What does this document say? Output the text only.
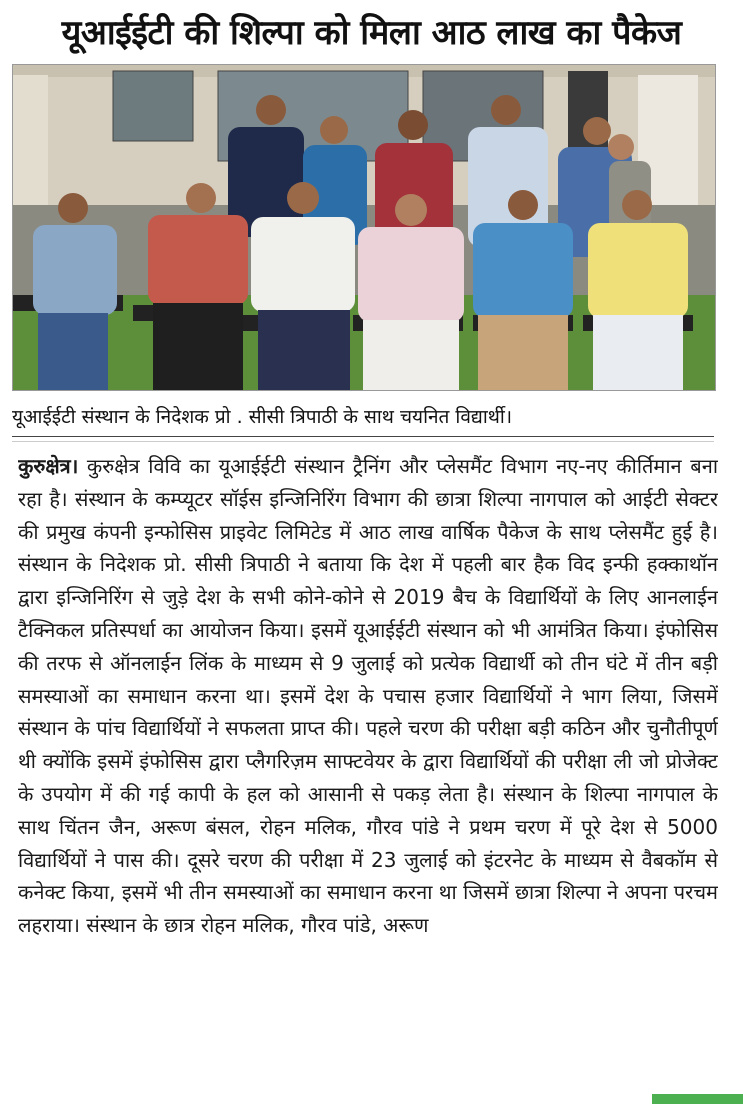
यूआईईटी की शिल्पा को मिला आठ लाख का पैकेज
यूआईईटी संस्थान के निदेशक प्रो . सीसी त्रिपाठी के साथ चयनित विद्यार्थी।

कुरुक्षेत्र। कुरुक्षेत्र विवि का यूआईईटी संस्थान ट्रैनिंग और प्लेसमैंट विभाग नए-नए कीर्तिमान बना रहा है। संस्थान के कम्प्यूटर सॉईस इन्जिनिरिंग विभाग की छात्रा शिल्पा नागपाल को आईटी सेक्टर की प्रमुख कंपनी इन्फोसिस प्राइवेट लिमिटेड में आठ लाख वार्षिक पैकेज के साथ प्लेसमैंट हुई है। संस्थान के निदेशक प्रो. सीसी त्रिपाठी ने बताया कि देश में पहली बार हैक विद इन्फी हक्काथॉन द्वारा इन्जिनिरिंग से जुड़े देश के सभी कोने-कोने से 2019 बैच के विद्यार्थियों के लिए आनलाईन टैक्निकल प्रतिस्पर्धा का आयोजन किया। इसमें यूआईईटी संस्थान को भी आमंत्रित किया। इंफोसिस की तरफ से ऑनलाईन लिंक के माध्यम से 9 जुलाई को प्रत्येक विद्यार्थी को तीन घंटे में तीन बड़ी समस्याओं का समाधान करना था। इसमें देश के पचास हजार विद्यार्थियों ने भाग लिया, जिसमें संस्थान के पांच विद्यार्थियों ने सफलता प्राप्त की। पहले चरण की परीक्षा बड़ी कठिन और चुनौतीपूर्ण थी क्योंकि इसमें इंफोसिस द्वारा प्लैगरिज़म साफ्टवेयर के द्वारा विद्यार्थियों की परीक्षा ली जो प्रोजेक्ट के उपयोग में की गई कापी के हल को आसानी से पकड़ लेता है। संस्थान के शिल्पा नागपाल के साथ चिंतन जैन, अरूण बंसल, रोहन मलिक, गौरव पांडे ने प्रथम चरण में पूरे देश से 5000 विद्यार्थियों ने पास की। दूसरे चरण की परीक्षा में 23 जुलाई को इंटरनेट के माध्यम से वैबकॉम से कनेक्ट किया, इसमें भी तीन समस्याओं का समाधान करना था जिसमें छात्रा शिल्पा ने अपना परचम लहराया। संस्थान के छात्र रोहन मलिक, गौरव पांडे, अरूण
